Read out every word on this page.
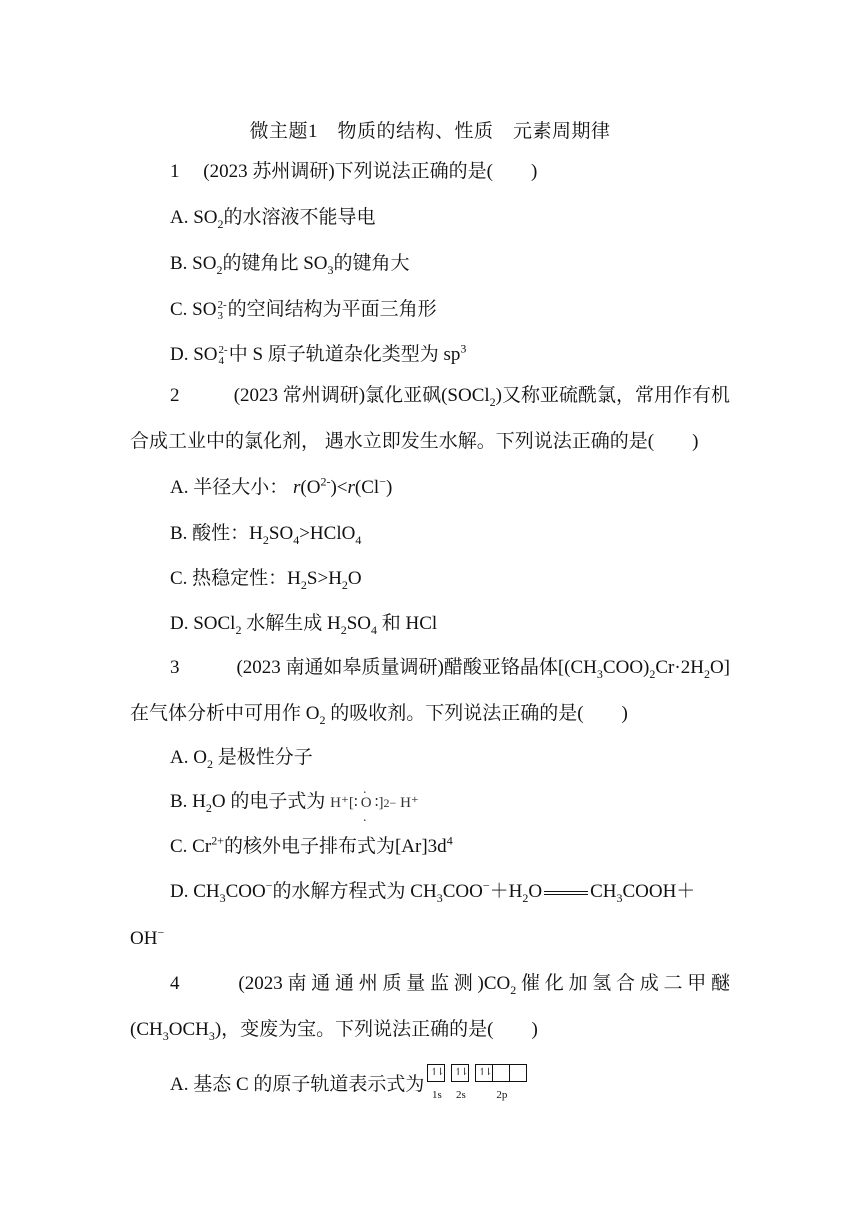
微主题1　物质的结构、性质　元素周期律
1 (2023 苏州调研)下列说法正确的是(　　)
A. $SO_2$的水溶液不能导电
B. $SO_2$的键角比 $SO_3$的键角大
C. SO 2-
3 的空间结构为平面三角形
D. SO 2-
4 中 S 原子轨道杂化类型为 $sp^3$
2	(2023 常州调研)氯化亚砜(SOCl$_2$)又称亚硫酰氯，常用作有机
合成工业中的氯化剂， 遇水立即发生水解。下列说法正确的是(　　)
A. 半径大小： $r(O^{2-})<r(Cl^-)$
B. 酸性：$H_2SO_4>HClO_4$
C. 热稳定性：$H_2S>H_2O$
D. SOCl$_2$ 水解生成 $H_2SO_4$ 和 HCl
3	(2023 南通如皋质量调研)醋酸亚铬晶体$[(CH_3COO)_2Cr\cdot 2H_2O]$
在气体分析中可用作 $O_2$ 的吸收剂。下列说法正确的是(　　)
A. $O_2$ 是极性分子
B. $H_2O$ 的电子式为 H⁺ [∶
․ O ․ ∶] 2−
H⁺
C. $Cr^{2+}$的核外电子排布式为$[Ar]3d^4$
D. $CH_3COO^-$的水解方程式为 $CH_3COO^-+H_2O$	$CH_3COOH+$
OH−
4	(2023 南 通 通 州 质 量 监 测 )$CO_2$ 催 化 加 氢 合 成 二 甲 醚
$(CH_3OCH_3)$，变废为宝。下列说法正确的是(　　)
A. 基态 C 的原子轨道表示式为
↿⇂
1s
↿⇂
2s
↿⇂
2p
